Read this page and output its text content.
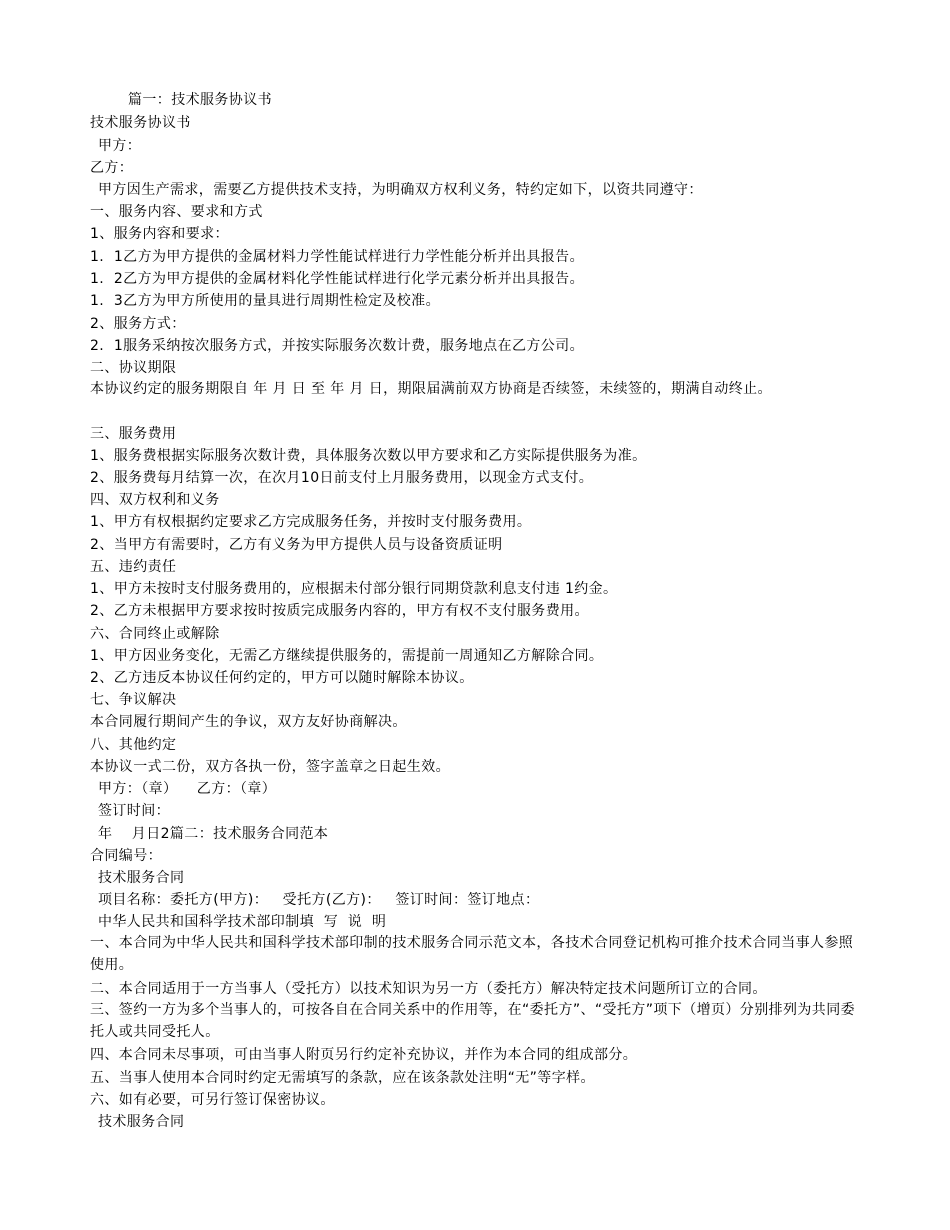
篇一：技术服务协议书
技术服务协议书
甲方：
乙方：
甲方因生产需求，需要乙方提供技术支持，为明确双方权利义务，特约定如下，以资共同遵守：
一、服务内容、要求和方式
1、服务内容和要求：
1.  1乙方为甲方提供的金属材料力学性能试样进行力学性能分析并出具报告。
1.  2乙方为甲方提供的金属材料化学性能试样进行化学元素分析并出具报告。
1.  3乙方为甲方所使用的量具进行周期性检定及校准。
2、服务方式：
2.  1服务采纳按次服务方式，并按实际服务次数计费，服务地点在乙方公司。
二、协议期限
本协议约定的服务期限自 年 月 日 至 年 月 日，期限届满前双方协商是否续签，未续签的，期满自动终止。
三、服务费用
1、服务费根据实际服务次数计费，具体服务次数以甲方要求和乙方实际提供服务为准。
2、服务费每月结算一次，在次月10日前支付上月服务费用，以现金方式支付。
四、双方权利和义务
1、甲方有权根据约定要求乙方完成服务任务，并按时支付服务费用。
2、当甲方有需要时，乙方有义务为甲方提供人员与设备资质证明
五、违约责任
1、甲方未按时支付服务费用的，应根据未付部分银行同期贷款利息支付违 1约金。
2、乙方未根据甲方要求按时按质完成服务内容的，甲方有权不支付服务费用。
六、合同终止或解除
1、甲方因业务变化，无需乙方继续提供服务的，需提前一周通知乙方解除合同。
2、乙方违反本协议任何约定的，甲方可以随时解除本协议。
七、争议解决
本合同履行期间产生的争议，双方友好协商解决。
八、其他约定
本协议一式二份，双方各执一份，签字盖章之日起生效。
甲方：（章）    乙方：（章）
签订时间：
年    月日2篇二：技术服务合同范本
合同编号：
技术服务合同
项目名称：委托方(甲方)：   受托方(乙方)：   签订时间：签订地点：
中华人民共和国科学技术部印制填  写  说  明
一、本合同为中华人民共和国科学技术部印制的技术服务合同示范文本，各技术合同登记机构可推介技术合同当事人参照使用。
二、本合同适用于一方当事人（受托方）以技术知识为另一方（委托方）解决特定技术问题所订立的合同。
三、签约一方为多个当事人的，可按各自在合同关系中的作用等，在“委托方”、“受托方”项下（增页）分别排列为共同委托人或共同受托人。
四、本合同未尽事项，可由当事人附页另行约定补充协议，并作为本合同的组成部分。
五、当事人使用本合同时约定无需填写的条款，应在该条款处注明“无”等字样。
六、如有必要，可另行签订保密协议。
技术服务合同
